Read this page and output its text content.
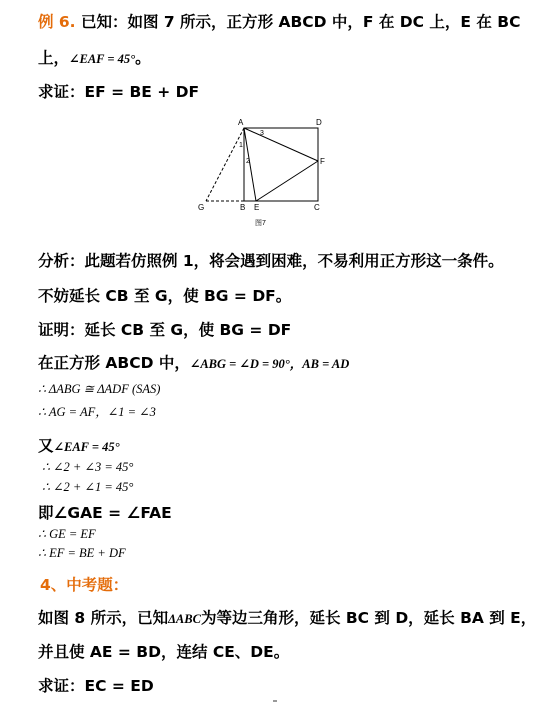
例 6. 已知：如图 7 所示，正方形 ABCD 中，F 在 DC 上，E 在 BC
上，∠EAF = 45°。
求证：EF = BE + DF
A	D
F
G	B E	C
1
2
3
图7
分析：此题若仿照例 1，将会遇到困难，不易利用正方形这一条件。
不妨延长 CB 至 G，使 BG = DF。
证明：延长 CB 至 G，使 BG = DF
在正方形 ABCD 中，∠ABG = ∠D = 90°，AB = AD
∴ ΔABG ≅ ΔADF (SAS)
∴ AG = AF，∠1 = ∠3
又∠EAF = 45°
∴ ∠2 + ∠3 = 45°
∴ ∠2 + ∠1 = 45°
即∠GAE = ∠FAE
∴ GE = EF
∴ EF = BE + DF
4、中考题：
如图 8 所示，已知ΔABC为等边三角形，延长 BC 到 D，延长 BA 到 E，
并且使 AE = BD，连结 CE、DE。
求证：EC = ED
